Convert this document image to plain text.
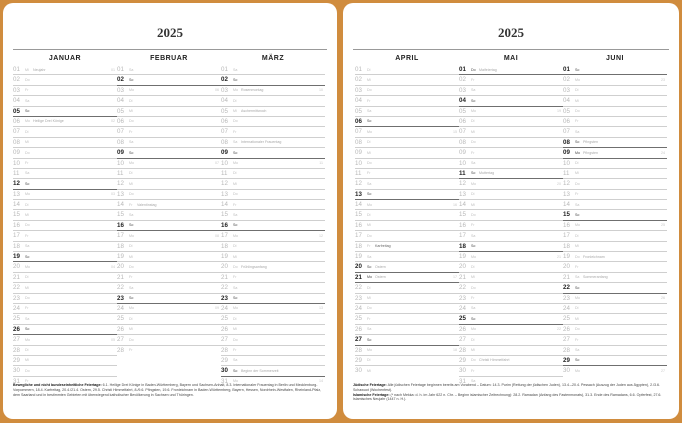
2025
JANUAR
01 Mi Neujahr	01
02 Do
03 Fr
04 Sa
05 So
06 Mo Heilige Drei Könige	02
07 Di
08 Mi
09 Do
10 Fr
11 Sa
12 So
13 Mo	03
14 Di
15 Mi
16 Do
17 Fr
18 Sa
19 So
20 Mo	04
21 Di
22 Mi
23 Do
24 Fr
25 Sa
26 So
27 Mo	05
28 Di
29 Mi
30 Do
31 Fr
FEBRUAR
01 Sa
02 So
03 Mo	06
04 Di
05 Mi
06 Do
07 Fr
08 Sa
09 So
10 Mo	07
11 Di
12 Mi
13 Do
14 Fr Valentinstag
15 Sa
16 So
17 Mo	08
18 Di
19 Mi
20 Do
21 Fr
22 Sa
23 So
24 Mo	09
25 Di
26 Mi
27 Do
28 Fr
MÄRZ
01 Sa
02 So
03 Mo Rosenmontag	10
04 Di
05 Mi Aschermittwoch
06 Do
07 Fr
08 Sa Internationaler Frauentag
09 So
10 Mo	11
11 Di
12 Mi
13 Do
14 Fr
15 Sa
16 So
17 Mo	12
18 Di
19 Mi
20 Do Frühlingsanfang
21 Fr
22 Sa
23 So
24 Mo	13
25 Di
26 Mi
27 Do
28 Fr
29 Sa
30 So Beginn der Sommerzeit
31 Mo	14
Bewegliche und nicht bundeseinheitliche Feiertage: 6.1. Heilige Drei Könige in Baden-Württemberg, Bayern und Sachsen-Anhalt, 8.3. Internationaler Frauentag in Berlin und Mecklenburg-Vorpommern, 18.4. Karfreitag, 20.4./21.4. Ostern, 29.5. Christi Himmelfahrt, 8./9.6. Pfingsten, 19.6. Fronleichnam in Baden-Württemberg, Bayern, Hessen, Nordrhein-Westfalen, Rheinland-Pfalz, dem Saarland und in bestimmten Gebieten mit überwiegend katholischer Bevölkerung in Sachsen und Thüringen.
2025
APRIL
01 Di
02 Mi
03 Do
04 Fr
05 Sa
06 So
07 Mo	15
08 Di
09 Mi
10 Do
11 Fr
12 Sa
13 So
14 Mo	16
15 Di
16 Mi
17 Do
18 Fr Karfreitag
19 Sa
20 So Ostern
21 Mo Ostern	17
22 Di
23 Mi
24 Do
25 Fr
26 Sa
27 So
28 Mo	18
29 Di
30 Mi
MAI
01 Do Maifeiertag
02 Fr
03 Sa
04 So
05 Mo	19
06 Di
07 Mi
08 Do
09 Fr
10 Sa
11 So Muttertag
12 Mo	20
13 Di
14 Mi
15 Do
16 Fr
17 Sa
18 So
19 Mo	21
20 Di
21 Mi
22 Do
23 Fr
24 Sa
25 So
26 Mo	22
27 Di
28 Mi
29 Do Christi Himmelfahrt
30 Fr
31 Sa
JUNI
01 So
02 Mo	23
03 Di
04 Mi
05 Do
06 Fr
07 Sa
08 So Pfingsten
09 Mo Pfingsten	24
10 Di
11 Mi
12 Do
13 Fr
14 Sa
15 So
16 Mo	25
17 Di
18 Mi
19 Do Fronleichnam
20 Fr
21 Sa Sommeranfang
22 So
23 Mo	26
24 Di
25 Mi
26 Do
27 Fr
28 Sa
29 So
30 Mo	27
Jüdische Feiertage: Alle jüdischen Feiertage beginnen bereits am Vorabend – Datum: 14.3. Purim (Rettung der jüdischen Juden), 13.4.–20.4. Pessach (Auszug der Juden aus Ägypten), 2./3.6. Schawuot (Wochenfest).
Islamische Feiertage: (* nach Mekka: d. h. im Jahr 622 n. Chr. – Beginn islamischer Zeitrechnung): 28.2. Ramadan (Anfang des Fastenmonats), 31.3. Ende des Ramadans, 6.6. Opferfest, 27.6. Islamisches Neujahr (1447 n. H.).
